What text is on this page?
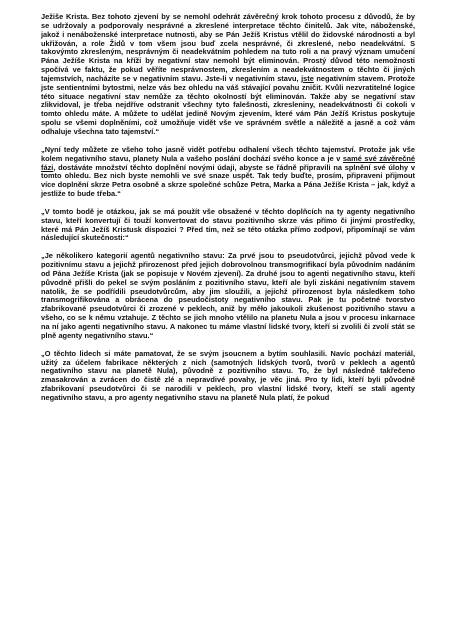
Ježiše Krista. Bez tohoto zjevení by se nemohl odehrát závěrečný krok tohoto procesu z důvodů, že by se udržovaly a podporovaly nesprávné a zkreslené interpretace těchto činitelů. Jak víte, náboženské, jakož i nenáboženské interpretace nutnosti, aby se Pán Ježíš Kristus vtělil do židovské národnosti a byl ukřižován, a role Židů v tom všem jsou buď zcela nesprávné, či zkreslené, nebo neadekvátní. S takovýmto zkresleným, nesprávným či neadekvátním pohledem na tuto roli a na pravý význam umučení Pána Ježíše Krista na kříži by negativní stav nemohl být eliminován. Prostý důvod této nemožnosti spočívá ve faktu, že pokud věříte nesprávnostem, zkreslením a neadekvátnostem o těchto či jiných tajemstvích, nacházíte se v negativním stavu. Jste-li v negativním stavu, jste negativním stavem. Protože jste sentientními bytostmi, nelze vás bez ohledu na váš stávající povahu zničit. Kvůli nezvratitelné logice této situace negativní stav nemůže za těchto okolností být eliminován. Takže aby se negativní stav zlikvidoval, je třeba nejdříve odstranit všechny tyto falešnosti, zkresleniny, neadekvátnosti či cokoli v tomto ohledu máte. A můžete to udělat jedině Novým zjevením, které vám Pán Ježíš Kristus poskytuje spolu se všemi doplněními, což umožňuje vidět vše ve správném světle a náležitě a jasně a což vám odhaluje všechna tato tajemství.“

„Nyní tedy můžete ze všeho toho jasně vidět potřebu odhalení všech těchto tajemství. Protože jak vše kolem negativního stavu, planety Nula a vašeho poslání dochází svého konce a je v samé své závěrečné fázi, dostáváte množství těchto doplnění novými údaji, abyste se řádně připravili na splnění své úlohy v tomto ohledu. Bez nich byste nemohli ve své snaze uspět. Tak tedy buďte, prosím, připraveni přijmout více doplnění skrze Petra osobně a skrze společné schůze Petra, Marka a Pána Ježíše Krista – jak, když a jestliže to bude třeba.“

„V tomto bodě je otázkou, jak se má použít vše obsažené v těchto doplňcích na ty agenty negativního stavu, kteří konvertují či touží konvertovat do stavu pozitivního skrze vás přímo či jinými prostředky, které má Pán Ježíš Kristusk dispozici ? Před tím, než se této otázka přímo zodpoví, připomínají se vám následující skutečnosti:“

„Je několikero kategorií agentů negativního stavu: Za prvé jsou to pseudotvůrci, jejichž původ vede k pozitivnímu stavu a jejichž přirozenost před jejich dobrovolnou transmogrifikací byla původním nadáním od Pána Ježíše Krista (jak se popisuje v Novém zjevení). Za druhé jsou to agenti negativního stavu, kteří původně přišli do pekel se svým posláním z pozitivního stavu, kteří ale byli ziskáni negativním stavem natolik, že se podřídili pseudotvůrcům, aby jim sloužili, a jejichž přirozenost byla následkem toho transmogrifikována a obrácena do pseudočistoty negativního stavu. Pak je tu početné tvorstvo zfabrikované pseudotvůrci či zrozené v peklech, aniž by měło jakoukoli zkušenost pozitivního stavu a všeho, co se k němu vztahuje. Z těchto se jich mnoho vtělilo na planetu Nula a jsou v procesu inkarnace na ní jako agenti negativního stavu. A nakonec tu máme vlastní lidské tvory, kteří si zvolili či zvolí stát se plně agenty negativního stavu.“

„O těchto lidech si máte pamatovat, že se svým jsoucnem a bytím souhlasili. Navíc pochází materiál, užitý za účelem fabrikace některých z nich (samotných lidských tvorů, tvorů v peklech a agentů negativního stavu na planetě Nula), původně z pozitivního stavu. To, že byl následně takřečeno zmasakrován a zvrácen do čistě zlé a nepravdivé povahy, je věc jiná. Pro ty lidi, kteří byli původně zfabrikovaní pseudotvůrci či se narodili v peklech, pro vlastní lidské tvory, kteří se stali agenty negativního stavu, a pro agenty negativního stavu na planetě Nula platí, že pokud
